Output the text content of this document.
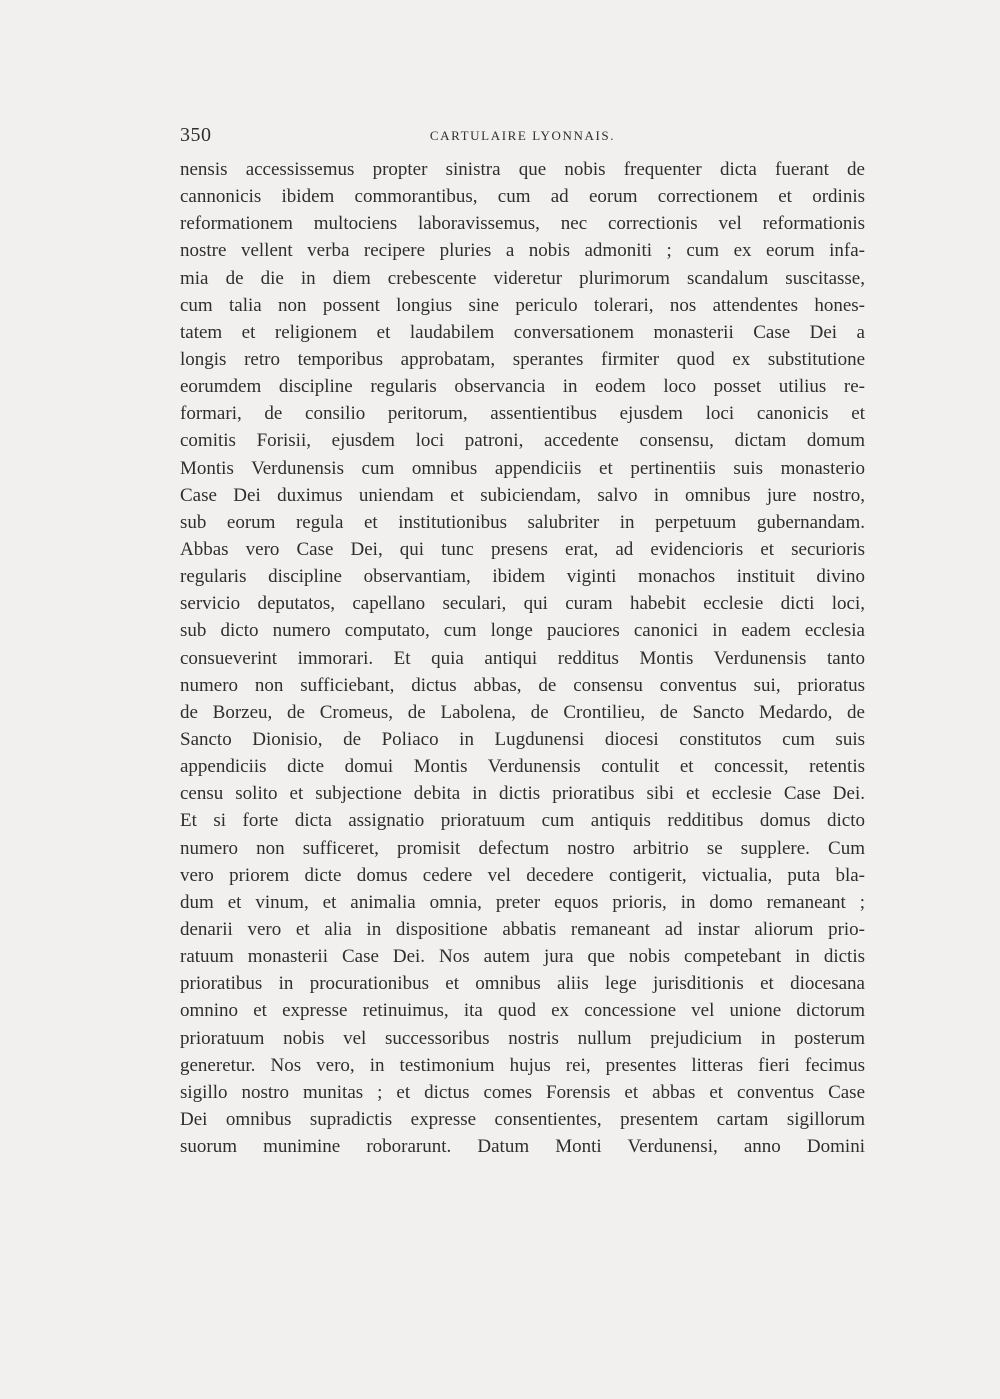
350	CARTULAIRE LYONNAIS.
nensis accessissemus propter sinistra que nobis frequenter dicta fuerant de
cannonicis ibidem commorantibus, cum ad eorum correctionem et ordinis
reformationem multociens laboravissemus, nec correctionis vel reformationis
nostre vellent verba recipere pluries a nobis admoniti ; cum ex eorum infa-
mia de die in diem crebescente videretur plurimorum scandalum suscitasse,
cum talia non possent longius sine periculo tolerari, nos attendentes hones-
tatem et religionem et laudabilem conversationem monasterii Case Dei a
longis retro temporibus approbatam, sperantes firmiter quod ex substitutione
eorumdem discipline regularis observancia in eodem loco posset utilius re-
formari, de consilio peritorum, assentientibus ejusdem loci canonicis et
comitis Forisii, ejusdem loci patroni, accedente consensu, dictam domum
Montis Verdunensis cum omnibus appendiciis et pertinentiis suis monasterio
Case Dei duximus uniendam et subiciendam, salvo in omnibus jure nostro,
sub eorum regula et institutionibus salubriter in perpetuum gubernandam.
Abbas vero Case Dei, qui tunc presens erat, ad evidencioris et securioris
regularis discipline observantiam, ibidem viginti monachos instituit divino
servicio deputatos, capellano seculari, qui curam habebit ecclesie dicti loci,
sub dicto numero computato, cum longe pauciores canonici in eadem ecclesia
consueverint immorari. Et quia antiqui redditus Montis Verdunensis tanto
numero non sufficiebant, dictus abbas, de consensu conventus sui, prioratus
de Borzeu, de Cromeus, de Labolena, de Crontilieu, de Sancto Medardo, de
Sancto Dionisio, de Poliaco in Lugdunensi diocesi constitutos cum suis
appendiciis dicte domui Montis Verdunensis contulit et concessit, retentis
censu solito et subjectione debita in dictis prioratibus sibi et ecclesie Case Dei.
Et si forte dicta assignatio prioratuum cum antiquis redditibus domus dicto
numero non sufficeret, promisit defectum nostro arbitrio se supplere. Cum
vero priorem dicte domus cedere vel decedere contigerit, victualia, puta bla-
dum et vinum, et animalia omnia, preter equos prioris, in domo remaneant ;
denarii vero et alia in dispositione abbatis remaneant ad instar aliorum prio-
ratuum monasterii Case Dei. Nos autem jura que nobis competebant in dictis
prioratibus in procurationibus et omnibus aliis lege jurisditionis et diocesana
omnino et expresse retinuimus, ita quod ex concessione vel unione dictorum
prioratuum nobis vel successoribus nostris nullum prejudicium in posterum
generetur. Nos vero, in testimonium hujus rei, presentes litteras fieri fecimus
sigillo nostro munitas ; et dictus comes Forensis et abbas et conventus Case
Dei omnibus supradictis expresse consentientes, presentem cartam sigillorum
suorum munimine roborarunt. Datum Monti Verdunensi, anno Domini
